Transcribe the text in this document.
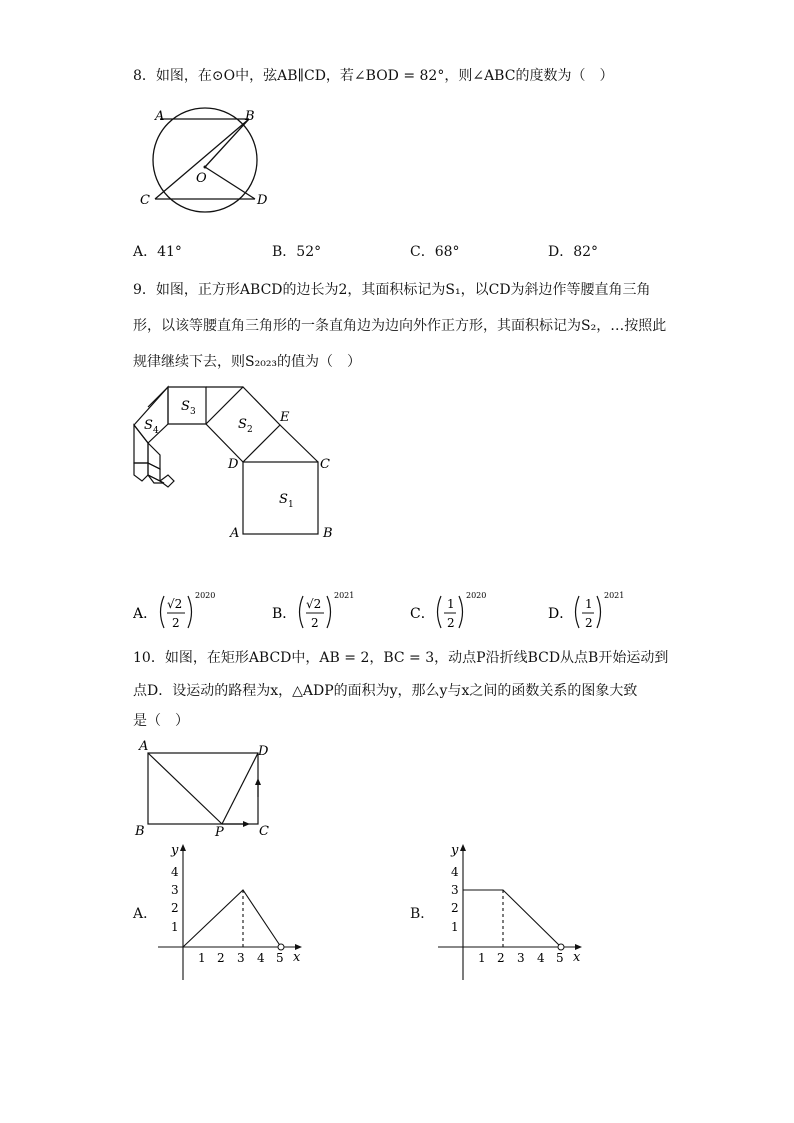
8．如图，在⊙O中，弦AB∥CD，若∠BOD = 82°，则∠ABC的度数为（　）
A	B
O
C	D
A．41°	B．52°	C．68°	D．82°
9．如图，正方形ABCD的边长为2，其面积标记为S₁，以CD为斜边作等腰直角三角
形，以该等腰直角三角形的一条直角边为边向外作正方形，其面积标记为S₂，…按照此
规律继续下去，则S₂₀₂₃的值为（　）
S 1
S 2
S 3
S 4
E
D	C
A	B
A．
√2
2
2020
B．
√2
2
2021
C．
1
2
2020
D．
1
2
2021
10．如图，在矩形ABCD中，AB = 2，BC = 3，动点P沿折线BCD从点B开始运动到
点D．设运动的路程为x，△ADP的面积为y，那么y与x之间的函数关系的图象大致
是（　）
A	D
B	P	C
A．
y
x
1
2
3
4
1 2 3 4 5
B．
y
x
1
2
3
4
1 2 3 4 5
